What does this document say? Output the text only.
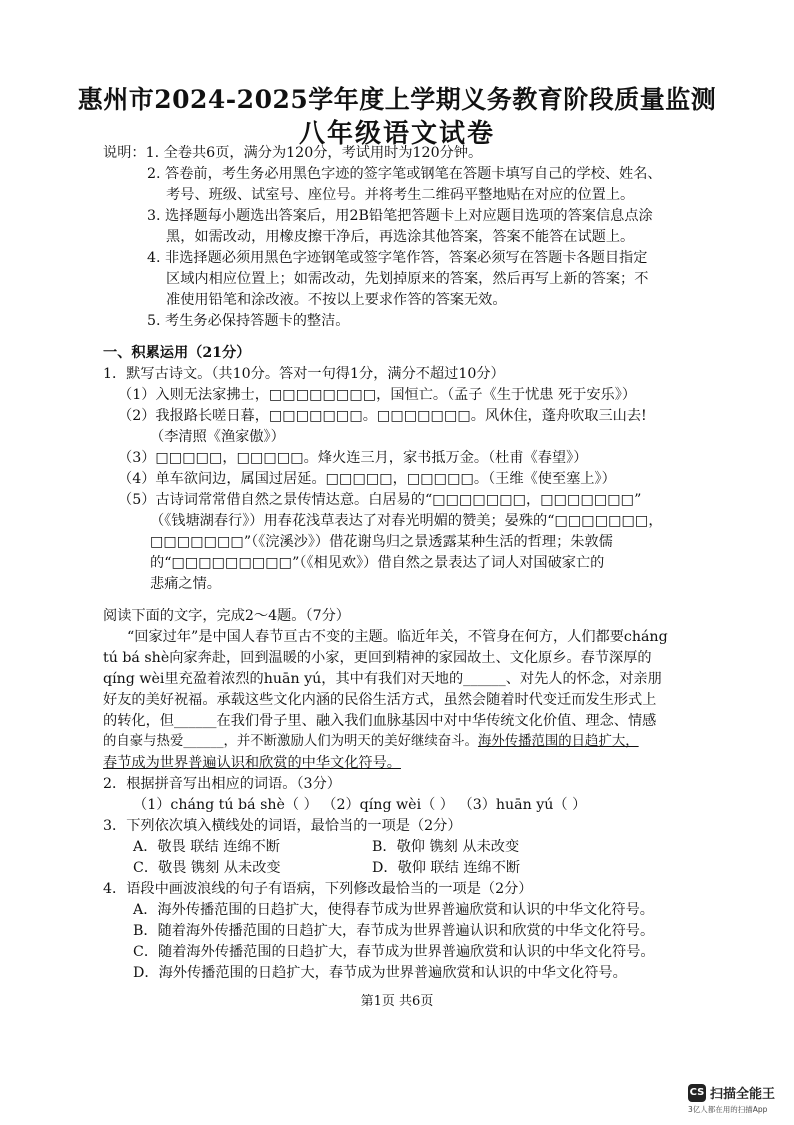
惠州市2024-2025学年度上学期义务教育阶段质量监测
八年级语文试卷
说明：1. 全卷共6页，满分为120分，考试用时为120分钟。
2. 答卷前，考生务必用黑色字迹的签字笔或钢笔在答题卡填写自己的学校、姓名、
考号、班级、试室号、座位号。并将考生二维码平整地贴在对应的位置上。
3. 选择题每小题选出答案后，用2B铅笔把答题卡上对应题目选项的答案信息点涂
黑，如需改动，用橡皮擦干净后，再选涂其他答案，答案不能答在试题上。
4. 非选择题必须用黑色字迹钢笔或签字笔作答，答案必须写在答题卡各题目指定
区域内相应位置上；如需改动，先划掉原来的答案，然后再写上新的答案；不
准使用铅笔和涂改液。不按以上要求作答的答案无效。
5. 考生务必保持答题卡的整洁。
一、积累运用（21分）
1．默写古诗文。（共10分。答对一句得1分，满分不超过10分）
（1）入则无法家拂士，□□□□□□□□，国恒亡。（孟子《生于忧患 死于安乐》）
（2）我报路长嗟日暮，□□□□□□□。□□□□□□□。风休住，蓬舟吹取三山去!
（李清照《渔家傲》）
（3）□□□□□，□□□□□。烽火连三月，家书抵万金。（杜甫《春望》）
（4）单车欲问边，属国过居延。□□□□□，□□□□□。（王维《使至塞上》）
（5）古诗词常常借自然之景传情达意。白居易的“□□□□□□□，□□□□□□□”
（《钱塘湖春行》）用春花浅草表达了对春光明媚的赞美；晏殊的“□□□□□□□，
□□□□□□□”（《浣溪沙》）借花谢鸟归之景透露某种生活的哲理；朱敦儒
的“□□□□□□□□□”（《相见欢》）借自然之景表达了词人对国破家亡的
悲痛之情。
阅读下面的文字，完成2～4题。（7分）
“回家过年”是中国人春节亘古不变的主题。临近年关，不管身在何方，人们都要cháng
tú bá shè向家奔赴，回到温暖的小家，更回到精神的家园故土、文化原乡。春节深厚的
qíng wèi里充盈着浓烈的huān yú，其中有我们对天地的______、对先人的怀念，对亲朋
好友的美好祝福。承载这些文化内涵的民俗生活方式，虽然会随着时代变迁而发生形式上
的转化，但______在我们骨子里、融入我们血脉基因中对中华传统文化价值、理念、情感
的自豪与热爱______，并不断激励人们为明天的美好继续奋斗。海外传播范围的日趋扩大，
春节成为世界普遍认识和欣赏的中华文化符号。
2．根据拼音写出相应的词语。（3分）
（1）cháng tú bá shè（ ） （2）qíng wèi（ ） （3）huān yú（ ）
3．下列依次填入横线处的词语，最恰当的一项是（2分）
A．敬畏 联结 连绵不断	B．敬仰 镌刻 从未改变
C．敬畏 镌刻 从未改变	D．敬仰 联结 连绵不断
4．语段中画波浪线的句子有语病，下列修改最恰当的一项是（2分）
A．海外传播范围的日趋扩大，使得春节成为世界普遍欣赏和认识的中华文化符号。
B．随着海外传播范围的日趋扩大，春节成为世界普遍认识和欣赏的中华文化符号。
C．随着海外传播范围的日趋扩大，春节成为世界普遍欣赏和认识的中华文化符号。
D．海外传播范围的日趋扩大，春节成为世界普遍欣赏和认识的中华文化符号。
第1页 共6页
CS 扫描全能王
3亿人都在用的扫描App
